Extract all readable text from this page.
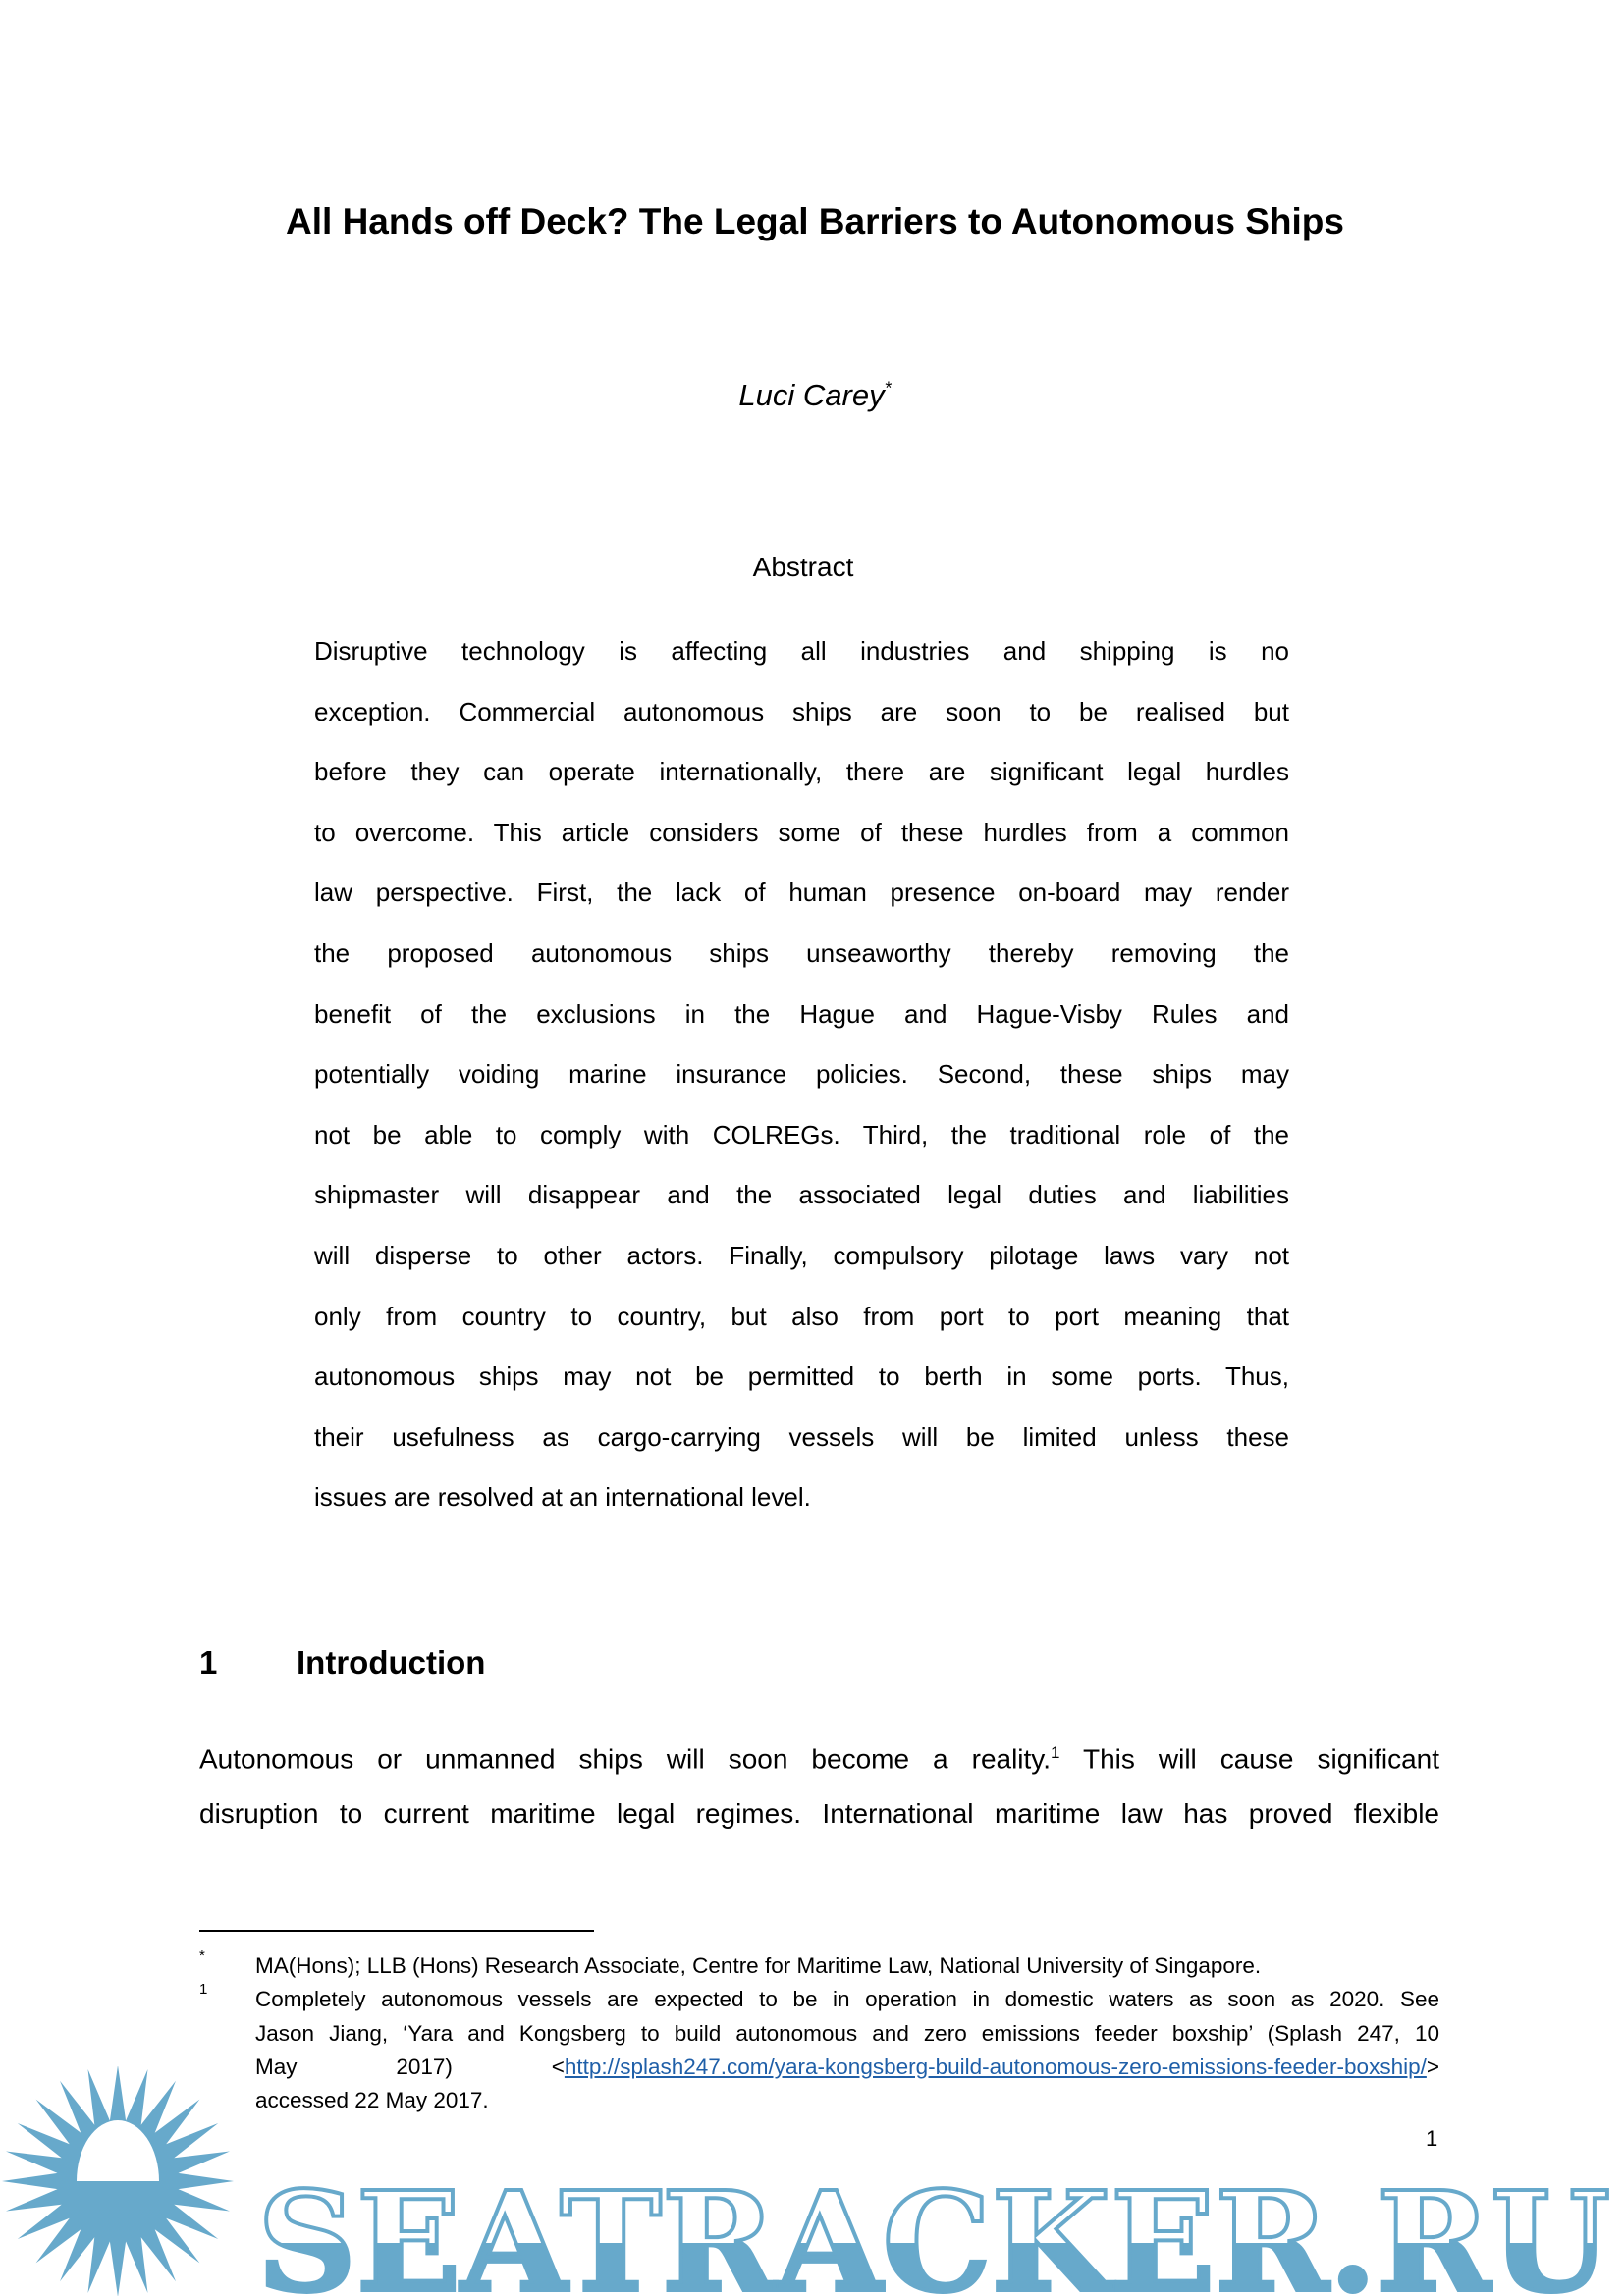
All Hands off Deck? The Legal Barriers to Autonomous Ships
Luci Carey*
Abstract
Disruptive technology is affecting all industries and shipping is no
exception. Commercial autonomous ships are soon to be realised but
before they can operate internationally, there are significant legal hurdles
to overcome. This article considers some of these hurdles from a common
law perspective. First, the lack of human presence on-board may render
the proposed autonomous ships unseaworthy thereby removing the
benefit of the exclusions in the Hague and Hague-Visby Rules and
potentially voiding marine insurance policies. Second, these ships may
not be able to comply with COLREGs. Third, the traditional role of the
shipmaster will disappear and the associated legal duties and liabilities
will disperse to other actors. Finally, compulsory pilotage laws vary not
only from country to country, but also from port to port meaning that
autonomous ships may not be permitted to berth in some ports. Thus,
their usefulness as cargo-carrying vessels will be limited unless these
issues are resolved at an international level.
1 Introduction
Autonomous or unmanned ships will soon become a reality.$^1$ This will cause significant
disruption to current maritime legal regimes. International maritime law has proved flexible
* MA(Hons); LLB (Hons) Research Associate, Centre for Maritime Law, National University of Singapore.
1 Completely autonomous vessels are expected to be in operation in domestic waters as soon as 2020. See
Jason Jiang, ‘Yara and Kongsberg to build autonomous and zero emissions feeder boxship’ (Splash 247, 10
May   2017)   <http://splash247.com/yara-kongsberg-build-autonomous-zero-emissions-feeder-boxship/>
accessed 22 May 2017.
SEATRACKER.RU
1
